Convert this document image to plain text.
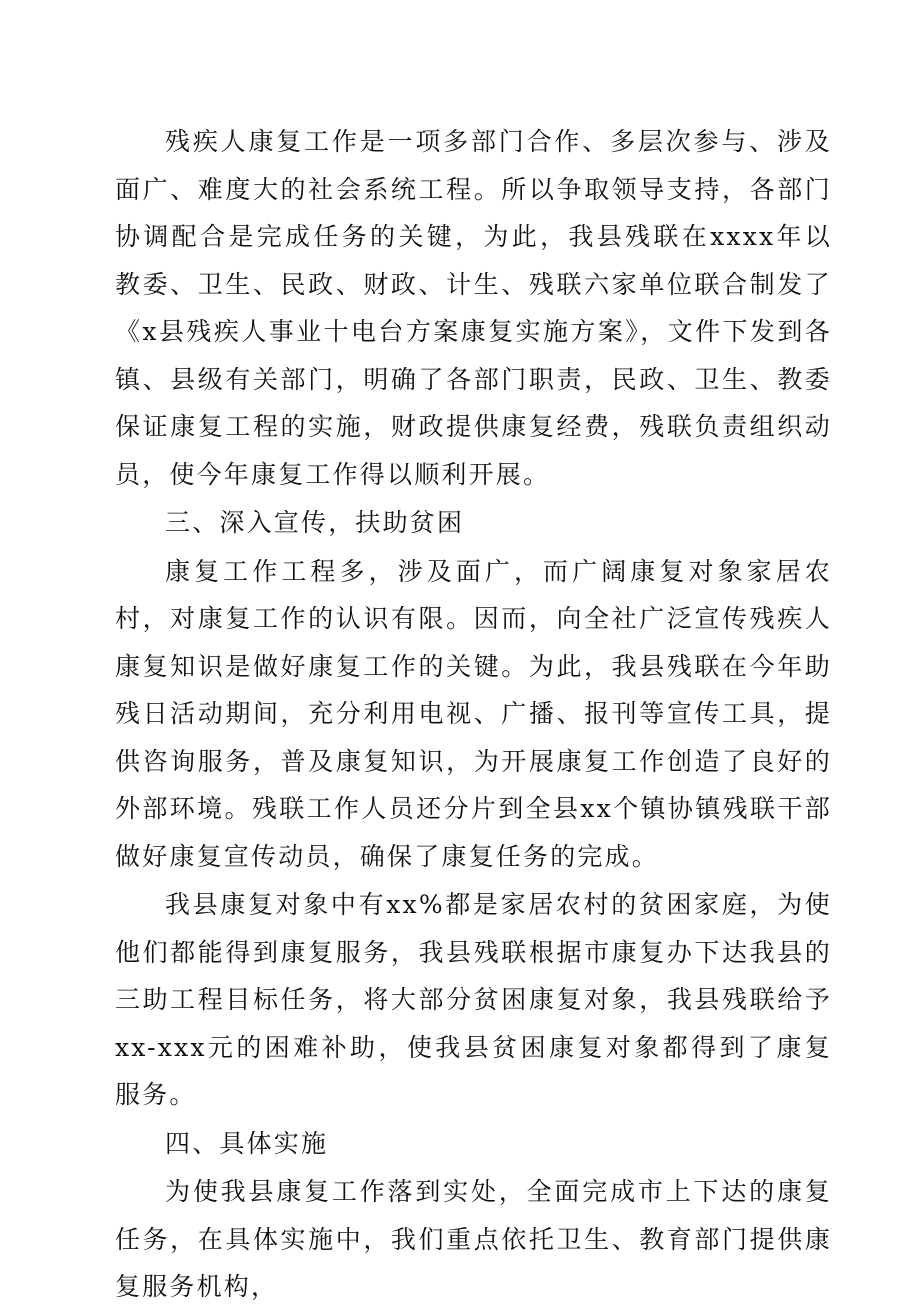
残疾人康复工作是一项多部门合作、多层次参与、涉及面广、难度大的社会系统工程。所以争取领导支持，各部门协调配合是完成任务的关键，为此，我县残联在xxxx年以教委、卫生、民政、财政、计生、残联六家单位联合制发了《x县残疾人事业十电台方案康复实施方案》，文件下发到各镇、县级有关部门，明确了各部门职责，民政、卫生、教委保证康复工程的实施，财政提供康复经费，残联负责组织动员，使今年康复工作得以顺利开展。

三、深入宣传，扶助贫困

康复工作工程多，涉及面广，而广阔康复对象家居农村，对康复工作的认识有限。因而，向全社广泛宣传残疾人康复知识是做好康复工作的关键。为此，我县残联在今年助残日活动期间，充分利用电视、广播、报刊等宣传工具，提供咨询服务，普及康复知识，为开展康复工作创造了良好的外部环境。残联工作人员还分片到全县xx个镇协镇残联干部做好康复宣传动员，确保了康复任务的完成。

我县康复对象中有xx%都是家居农村的贫困家庭，为使他们都能得到康复服务，我县残联根据市康复办下达我县的三助工程目标任务，将大部分贫困康复对象，我县残联给予xx-xxx元的困难补助，使我县贫困康复对象都得到了康复服务。

四、具体实施

为使我县康复工作落到实处，全面完成市上下达的康复任务，在具体实施中，我们重点依托卫生、教育部门提供康复服务机构，
